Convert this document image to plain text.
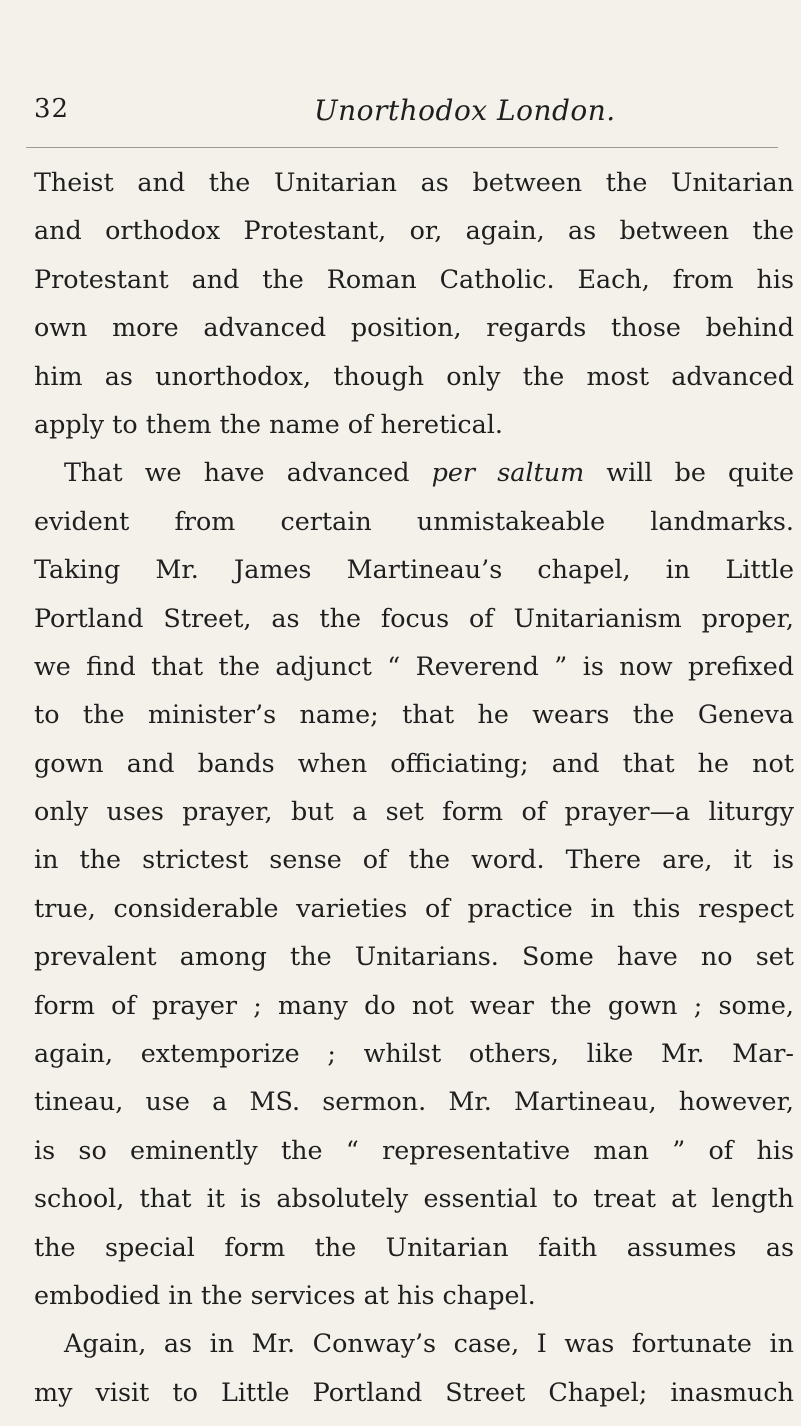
32	Unorthodox London.
Theist and the Unitarian as between the Unitarian
and orthodox Protestant, or, again, as between the
Protestant and the Roman Catholic. Each, from his
own more advanced position, regards those behind
him as unorthodox, though only the most advanced
apply to them the name of heretical.
That we have advanced per saltum will be quite
evident from certain unmistakeable landmarks.
Taking Mr. James Martineau’s chapel, in Little
Portland Street, as the focus of Unitarianism proper,
we find that the adjunct “ Reverend ” is now prefixed
to the minister’s name; that he wears the Geneva
gown and bands when officiating; and that he not
only uses prayer, but a set form of prayer—a liturgy
in the strictest sense of the word. There are, it is
true, considerable varieties of practice in this respect
prevalent among the Unitarians. Some have no set
form of prayer ; many do not wear the gown ; some,
again, extemporize ; whilst others, like Mr. Mar-
tineau, use a MS. sermon. Mr. Martineau, however,
is so eminently the “ representative man ” of his
school, that it is absolutely essential to treat at length
the special form the Unitarian faith assumes as
embodied in the services at his chapel.
Again, as in Mr. Conway’s case, I was fortunate in
my visit to Little Portland Street Chapel; inasmuch
